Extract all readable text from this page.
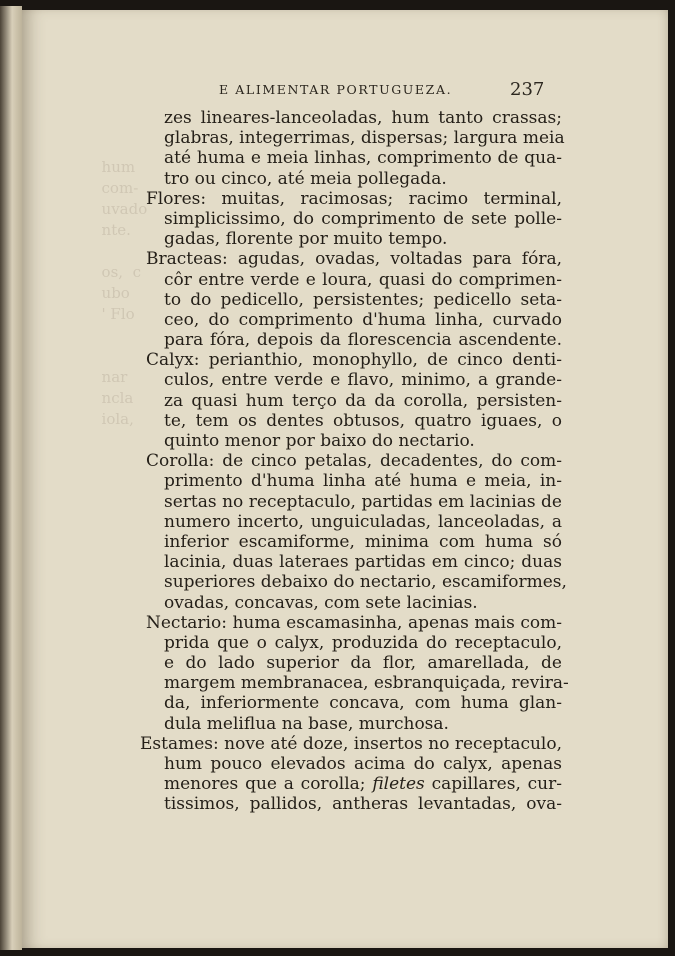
hum
com-
uvado
nte.

os,  c
ubo
' Flo

nar
ncla
iola,
E ALIMENTAR PORTUGUEZA.	237
zes lineares-lanceoladas, hum tanto crassas;
glabras, integerrimas, dispersas; largura meia
até huma e meia linhas, comprimento de qua-
tro ou cinco, até meia pollegada.
Flores: muitas, racimosas; racimo terminal,
simplicissimo, do comprimento de sete polle-
gadas, florente por muito tempo.
Bracteas: agudas, ovadas, voltadas para fóra,
côr entre verde e loura, quasi do comprimen-
to do pedicello, persistentes; pedicello seta-
ceo, do comprimento d'huma linha, curvado
para fóra, depois da florescencia ascendente.
Calyx: perianthio, monophyllo, de cinco denti-
culos, entre verde e flavo, minimo, a grande-
za quasi hum terço da da corolla, persisten-
te, tem os dentes obtusos, quatro iguaes, o
quinto menor por baixo do nectario.
Corolla: de cinco petalas, decadentes, do com-
primento d'huma linha até huma e meia, in-
sertas no receptaculo, partidas em lacinias de
numero incerto, unguiculadas, lanceoladas, a
inferior escamiforme, minima com huma só
lacinia, duas lateraes partidas em cinco; duas
superiores debaixo do nectario, escamiformes,
ovadas, concavas, com sete lacinias.
Nectario: huma escamasinha, apenas mais com-
prida que o calyx, produzida do receptaculo,
e do lado superior da flor, amarellada, de
margem membranacea, esbranquiçada, revira-
da, inferiormente concava, com huma glan-
dula meliflua na base, murchosa.
Estames: nove até doze, insertos no receptaculo,
hum pouco elevados acima do calyx, apenas
menores que a corolla; filetes capillares, cur-
tissimos, pallidos, antheras levantadas, ova-
